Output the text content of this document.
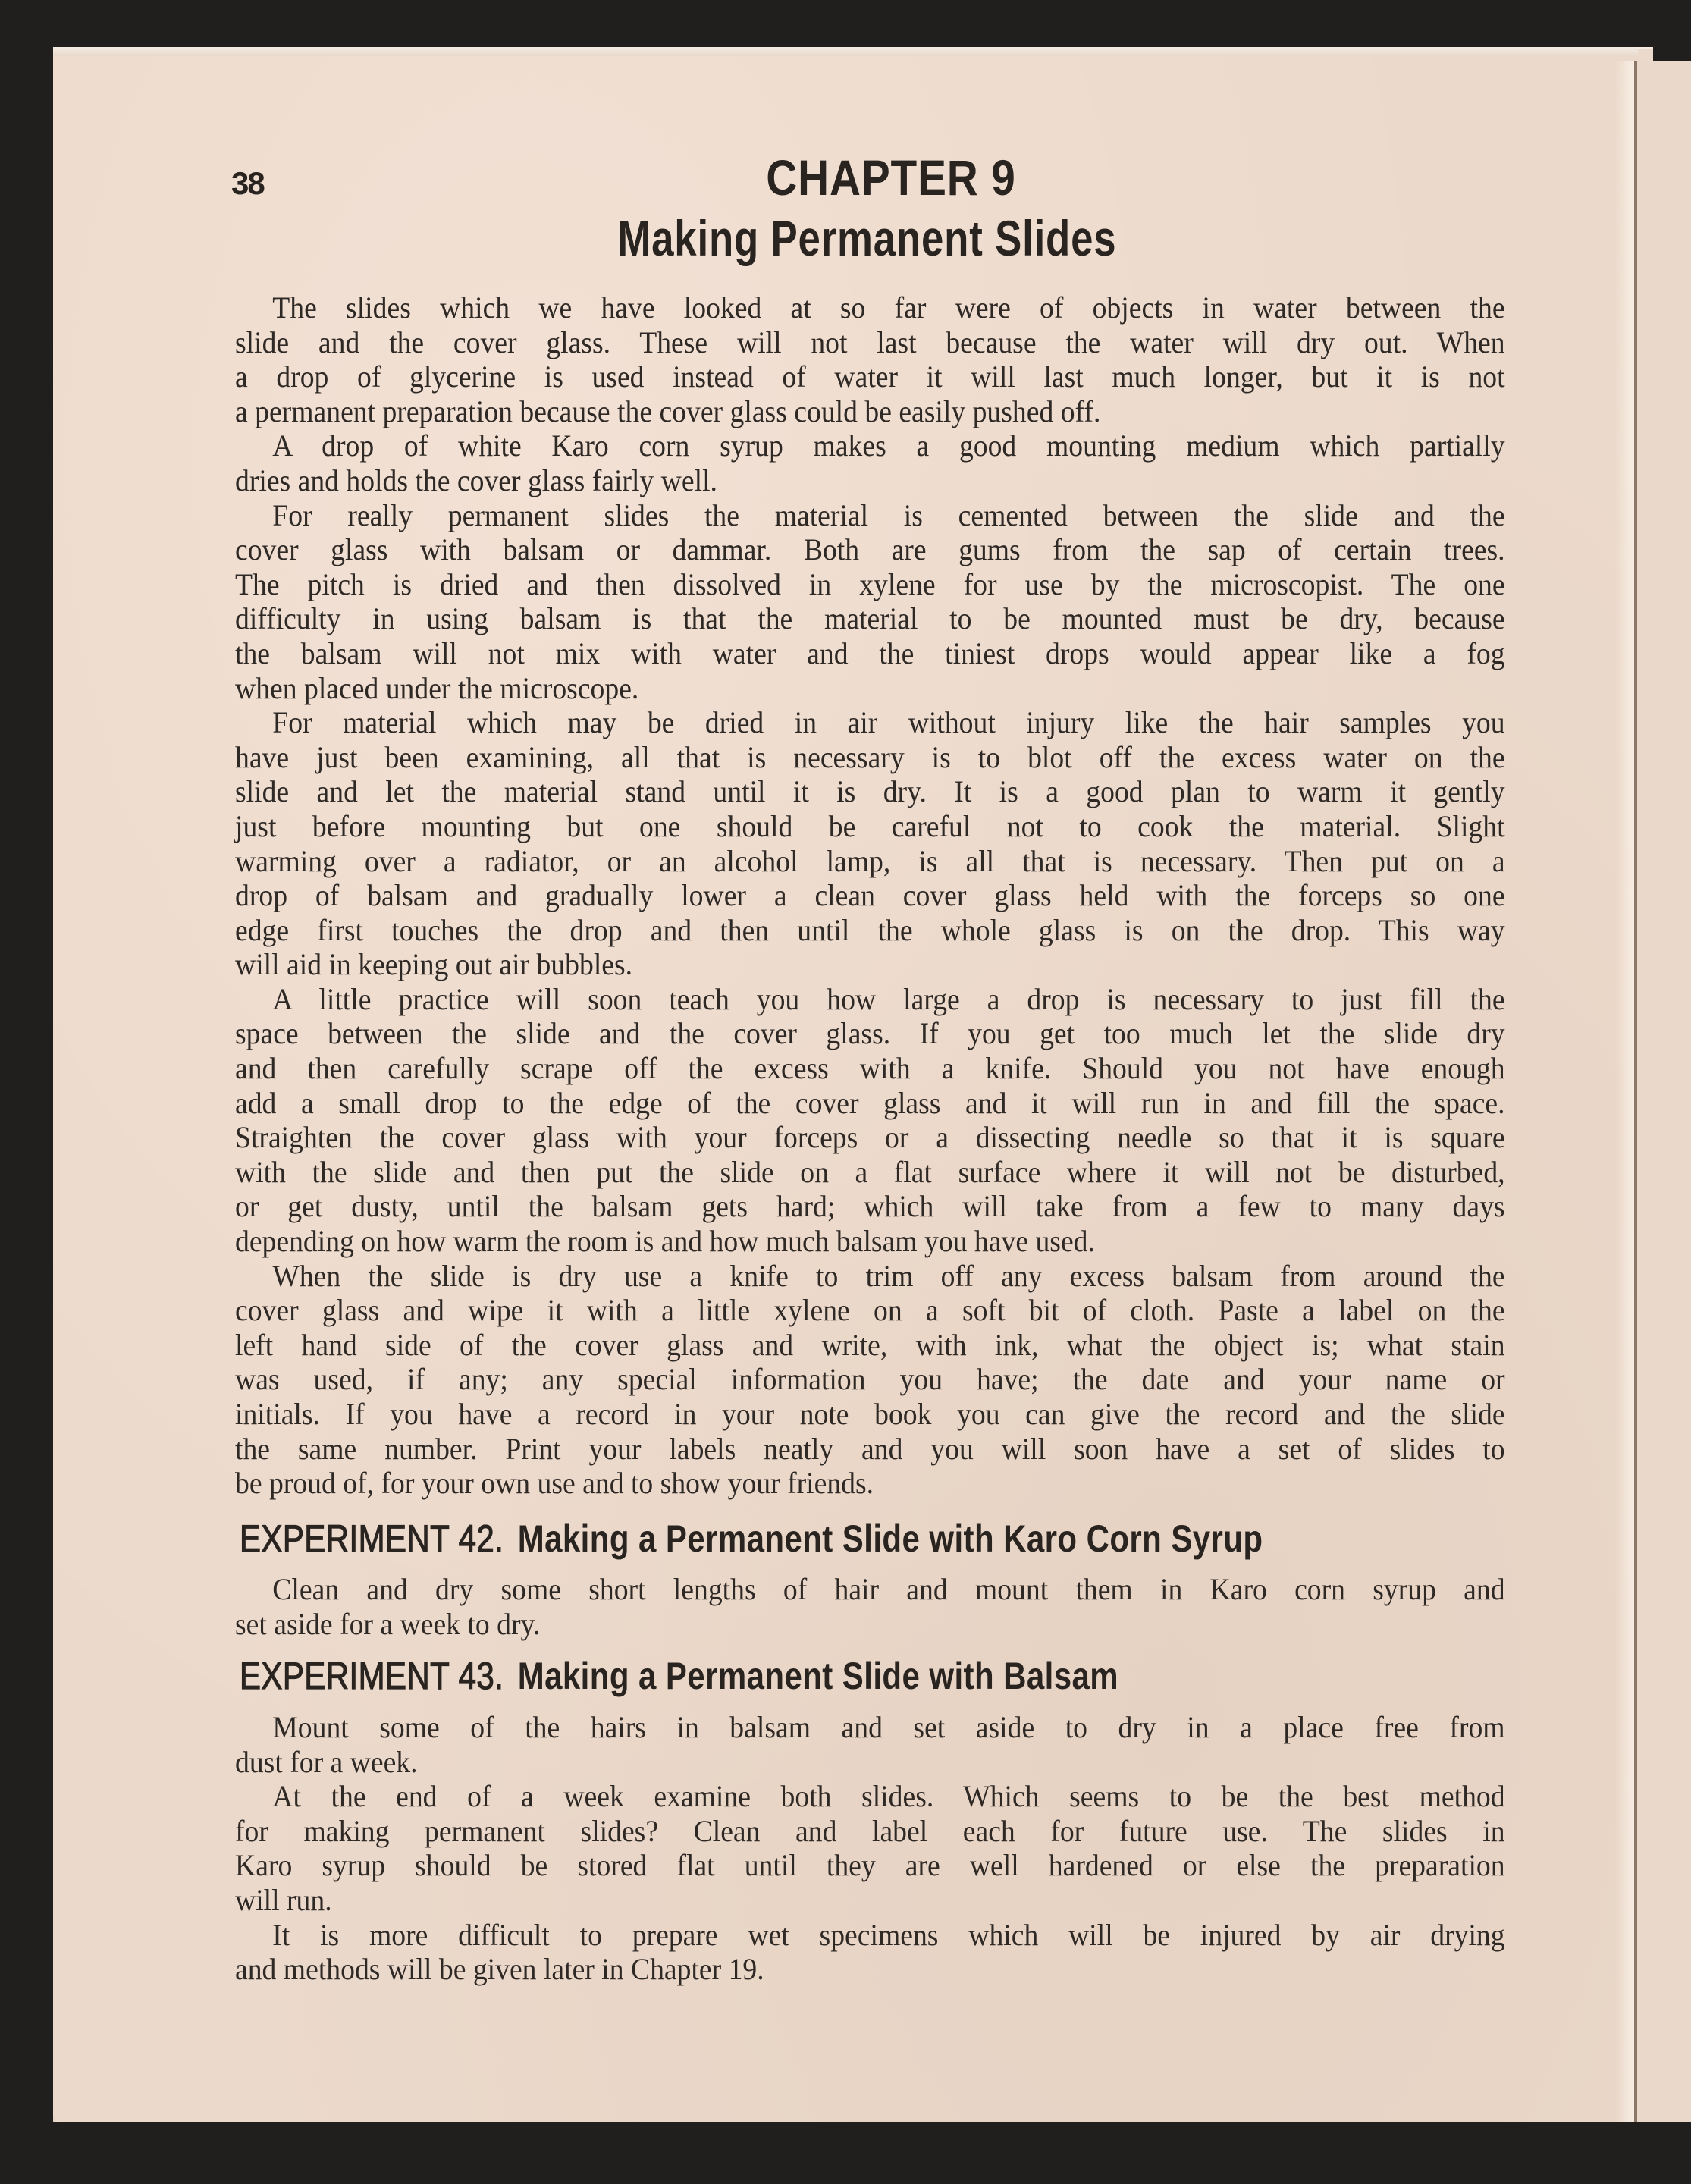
38	CHAPTER 9
Making Permanent Slides
The slides which we have looked at so far were of objects in water between the
slide and the cover glass. These will not last because the water will dry out. When
a drop of glycerine is used instead of water it will last much longer, but it is not
a permanent preparation because the cover glass could be easily pushed off.
A drop of white Karo corn syrup makes a good mounting medium which partially
dries and holds the cover glass fairly well.
For really permanent slides the material is cemented between the slide and the
cover glass with balsam or dammar. Both are gums from the sap of certain trees.
The pitch is dried and then dissolved in xylene for use by the microscopist. The one
difficulty in using balsam is that the material to be mounted must be dry, because
the balsam will not mix with water and the tiniest drops would appear like a fog
when placed under the microscope.
For material which may be dried in air without injury like the hair samples you
have just been examining, all that is necessary is to blot off the excess water on the
slide and let the material stand until it is dry. It is a good plan to warm it gently
just before mounting but one should be careful not to cook the material. Slight
warming over a radiator, or an alcohol lamp, is all that is necessary. Then put on a
drop of balsam and gradually lower a clean cover glass held with the forceps so one
edge first touches the drop and then until the whole glass is on the drop. This way
will aid in keeping out air bubbles.
A little practice will soon teach you how large a drop is necessary to just fill the
space between the slide and the cover glass. If you get too much let the slide dry
and then carefully scrape off the excess with a knife. Should you not have enough
add a small drop to the edge of the cover glass and it will run in and fill the space.
Straighten the cover glass with your forceps or a dissecting needle so that it is square
with the slide and then put the slide on a flat surface where it will not be disturbed,
or get dusty, until the balsam gets hard; which will take from a few to many days
depending on how warm the room is and how much balsam you have used.
When the slide is dry use a knife to trim off any excess balsam from around the
cover glass and wipe it with a little xylene on a soft bit of cloth. Paste a label on the
left hand side of the cover glass and write, with ink, what the object is; what stain
was used, if any; any special information you have; the date and your name or
initials. If you have a record in your note book you can give the record and the slide
the same number. Print your labels neatly and you will soon have a set of slides to
be proud of, for your own use and to show your friends.
EXPERIMENT 42. Making a Permanent Slide with Karo Corn Syrup
Clean and dry some short lengths of hair and mount them in Karo corn syrup and
set aside for a week to dry.
EXPERIMENT 43. Making a Permanent Slide with Balsam
Mount some of the hairs in balsam and set aside to dry in a place free from
dust for a week.
At the end of a week examine both slides. Which seems to be the best method
for making permanent slides? Clean and label each for future use. The slides in
Karo syrup should be stored flat until they are well hardened or else the preparation
will run.
It is more difficult to prepare wet specimens which will be injured by air drying
and methods will be given later in Chapter 19.
